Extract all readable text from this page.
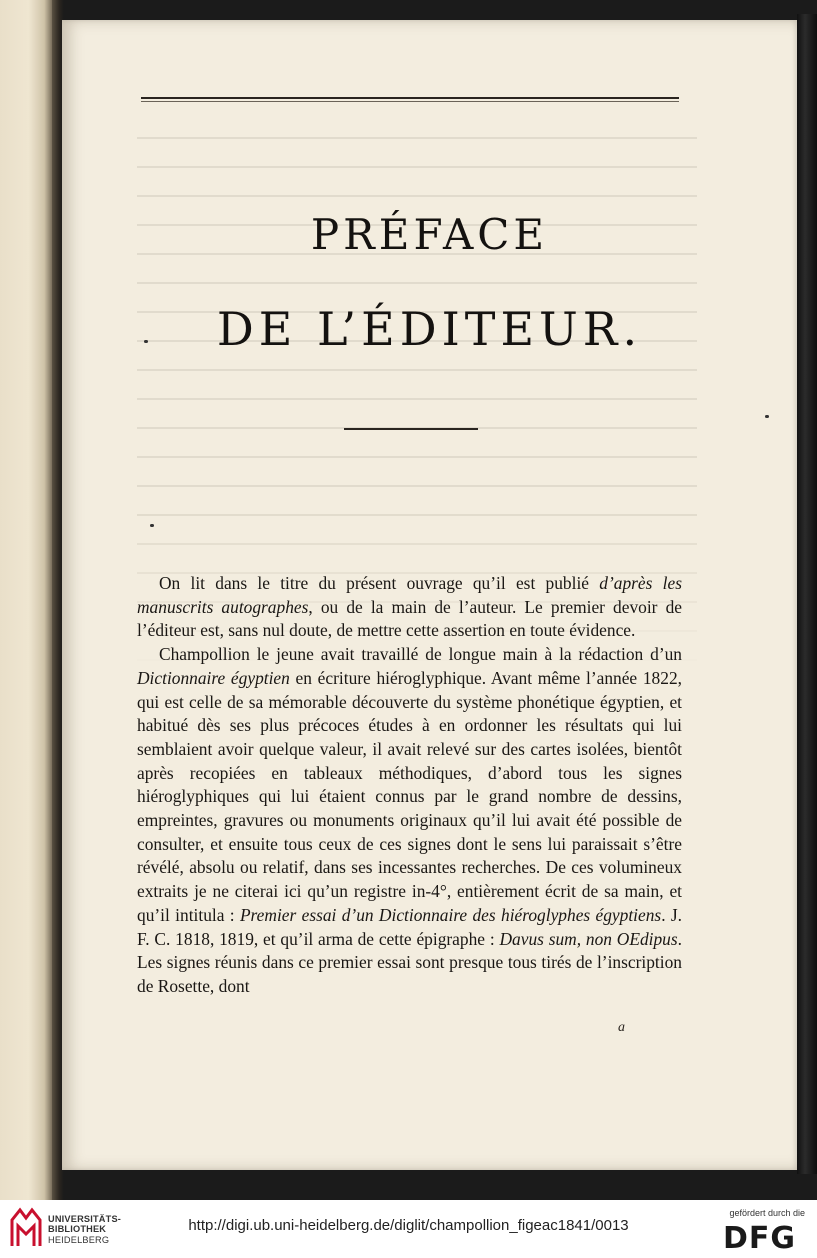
PRÉFACE
DE L’ÉDITEUR.

On lit dans le titre du présent ouvrage qu’il est publié d’après les manuscrits autographes, ou de la main de l’auteur. Le premier devoir de l’éditeur est, sans nul doute, de mettre cette assertion en toute évidence.

Champollion le jeune avait travaillé de longue main à la rédaction d’un Dictionnaire égyptien en écriture hiéroglyphique. Avant même l’année 1822, qui est celle de sa mémorable découverte du système phonétique égyptien, et habitué dès ses plus précoces études à en ordonner les résultats qui lui semblaient avoir quelque valeur, il avait relevé sur des cartes isolées, bientôt après recopiées en tableaux méthodiques, d’abord tous les signes hiéroglyphiques qui lui étaient connus par le grand nombre de dessins, empreintes, gravures ou monuments originaux qu’il lui avait été possible de consulter, et ensuite tous ceux de ces signes dont le sens lui paraissait s’être révélé, absolu ou relatif, dans ses incessantes recherches. De ces volumineux extraits je ne citerai ici qu’un registre in-4°, entièrement écrit de sa main, et qu’il intitula : Premier essai d’un Dictionnaire des hiéroglyphes égyptiens. J. F. C. 1818, 1819, et qu’il arma de cette épigraphe : Davus sum, non OEdipus. Les signes réunis dans ce premier essai sont presque tous tirés de l’inscription de Rosette, dont

a
UNIVERSITÄTS-
BIBLIOTHEK
HEIDELBERG
http://digi.ub.uni-heidelberg.de/diglit/champollion_figeac1841/0013
gefördert durch die
DFG
